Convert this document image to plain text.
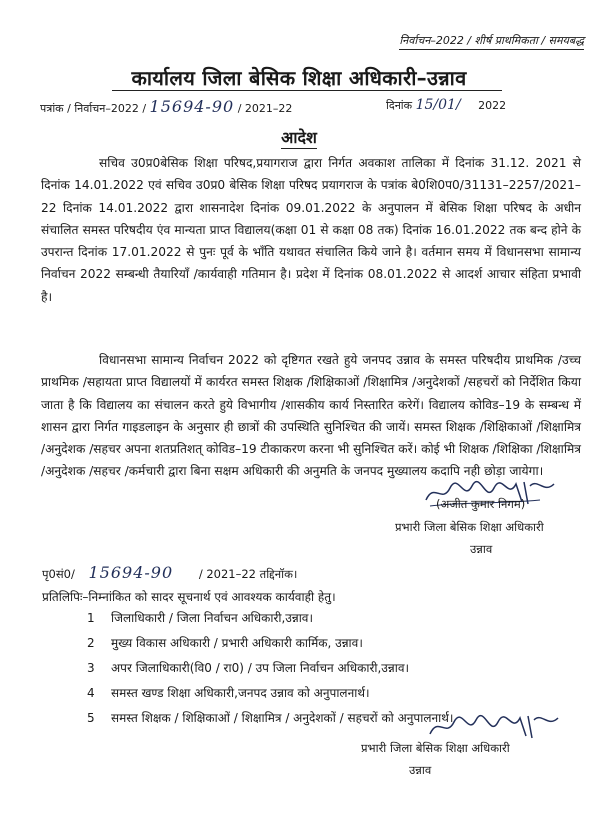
निर्वाचन–2022 / शीर्ष प्राथमिकता / समयबद्ध
कार्यालय जिला बेसिक शिक्षा अधिकारी–उन्नाव
पत्रांक / निर्वाचन–2022 / 15694-90 / 2021–22	दिनांक 15/01/ 2022
आदेश
सचिव उ0प्र0बेसिक शिक्षा परिषद,प्रयागराज द्वारा निर्गत अवकाश तालिका में दिनांक 31.12. 2021 से दिनांक 14.01.2022 एवं सचिव उ0प्र0 बेसिक शिक्षा परिषद प्रयागराज के पत्रांक बे0शि0प0/31131–2257/2021–22 दिनांक 14.01.2022 द्वारा शासनादेश दिनांक 09.01.2022 के अनुपालन में बेसिक शिक्षा परिषद के अधीन संचालित समस्त परिषदीय एंव मान्यता प्राप्त विद्यालय(कक्षा 01 से कक्षा 08 तक) दिनांक 16.01.2022 तक बन्द होने के उपरान्त दिनांक 17.01.2022 से पुनः पूर्व के भाँति यथावत संचालित किये जाने है। वर्तमान समय में विधानसभा सामान्य निर्वाचन 2022 सम्बन्धी तैयारियाँ /कार्यवाही गतिमान है। प्रदेश में दिनांक 08.01.2022 से आदर्श आचार संहिता प्रभावी है।
विधानसभा सामान्य निर्वाचन 2022 को दृष्टिगत रखते हुये जनपद उन्नाव के समस्त परिषदीय प्राथमिक /उच्च प्राथमिक /सहायता प्राप्त विद्यालयों में कार्यरत समस्त शिक्षक /शिक्षिकाओं /शिक्षामित्र /अनुदेशकों /सहचरों को निर्देशित किया जाता है कि विद्यालय का संचालन करते हुये विभागीय /शासकीय कार्य निस्तारित करेगें। विद्यालय कोविड–19 के सम्बन्ध में शासन द्वारा निर्गत गाइडलाइन के अनुसार ही छात्रों की उपस्थिति सुनिश्चित की जायें। समस्त शिक्षक /शिक्षिकाओं /शिक्षामित्र /अनुदेशक /सहचर अपना शतप्रतिशत् कोविड–19 टीकाकरण करना भी सुनिश्चित करें। कोई भी शिक्षक /शिक्षिका /शिक्षामित्र /अनुदेशक /सहचर /कर्मचारी द्वारा बिना सक्षम अधिकारी की अनुमति के जनपद मुख्यालय कदापि नही छोड़ा जायेगा।
(अजीत कुमार निगम)
प्रभारी जिला बेसिक शिक्षा अधिकारी
उन्नाव
पृ0सं0/ 15694-90 / 2021–22 तद्दिनॉक।
प्रतिलिपिः–निम्नांकित को सादर सूचनार्थ एवं आवश्यक कार्यवाही हेतु।
1 जिलाधिकारी / जिला निर्वाचन अधिकारी,उन्नाव।
2 मुख्य विकास अधिकारी / प्रभारी अधिकारी कार्मिक, उन्नाव।
3 अपर जिलाधिकारी(वि0 / रा0) / उप जिला निर्वाचन अधिकारी,उन्नाव।
4 समस्त खण्ड शिक्षा अधिकारी,जनपद उन्नाव को अनुपालनार्थ।
5 समस्त शिक्षक / शिक्षिकाओं / शिक्षामित्र / अनुदेशकों / सहचरों को अनुपालनार्थ।
प्रभारी जिला बेसिक शिक्षा अधिकारी
उन्नाव
